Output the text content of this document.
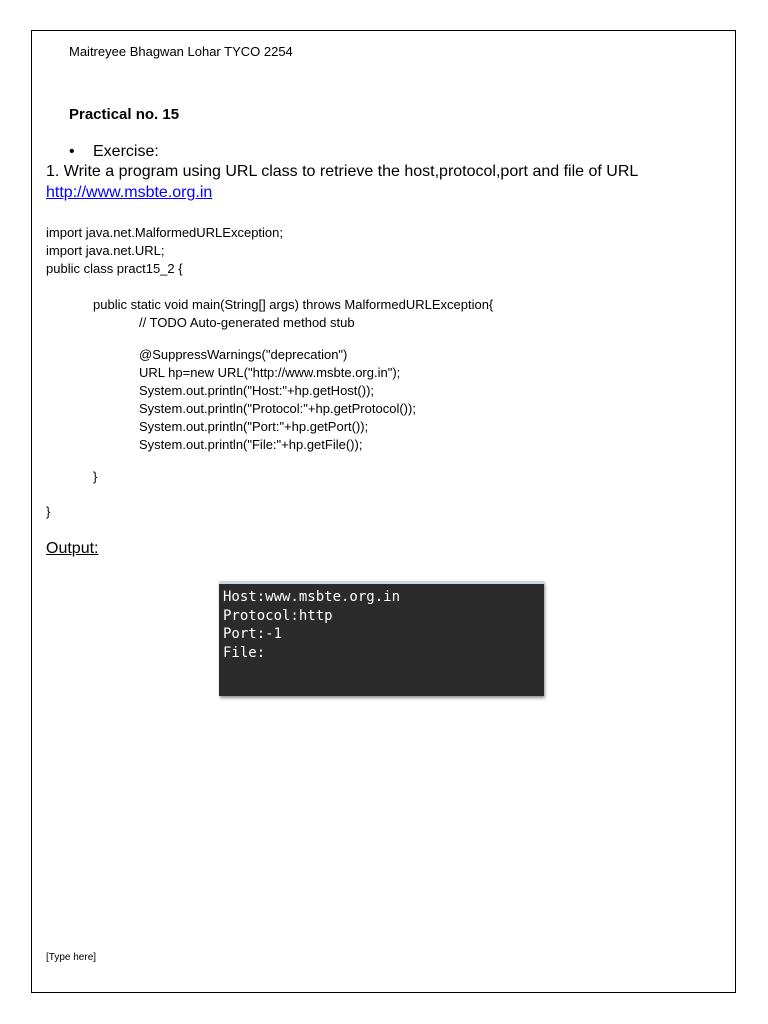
Maitreyee Bhagwan Lohar TYCO 2254
Practical no. 15
• Exercise:
1. Write a program using URL class to retrieve the host,protocol,port and file of URL
http://www.msbte.org.in
import java.net.MalformedURLException;
import java.net.URL;
public class pract15_2 {
public static void main(String[] args) throws MalformedURLException{
// TODO Auto-generated method stub
@SuppressWarnings("deprecation")
URL hp=new URL("http://www.msbte.org.in");
System.out.println("Host:"+hp.getHost());
System.out.println("Protocol:"+hp.getProtocol());
System.out.println("Port:"+hp.getPort());
System.out.println("File:"+hp.getFile());
}
}
Output:
Host:www.msbte.org.in
Protocol:http
Port:-1
File:
[Type here]
